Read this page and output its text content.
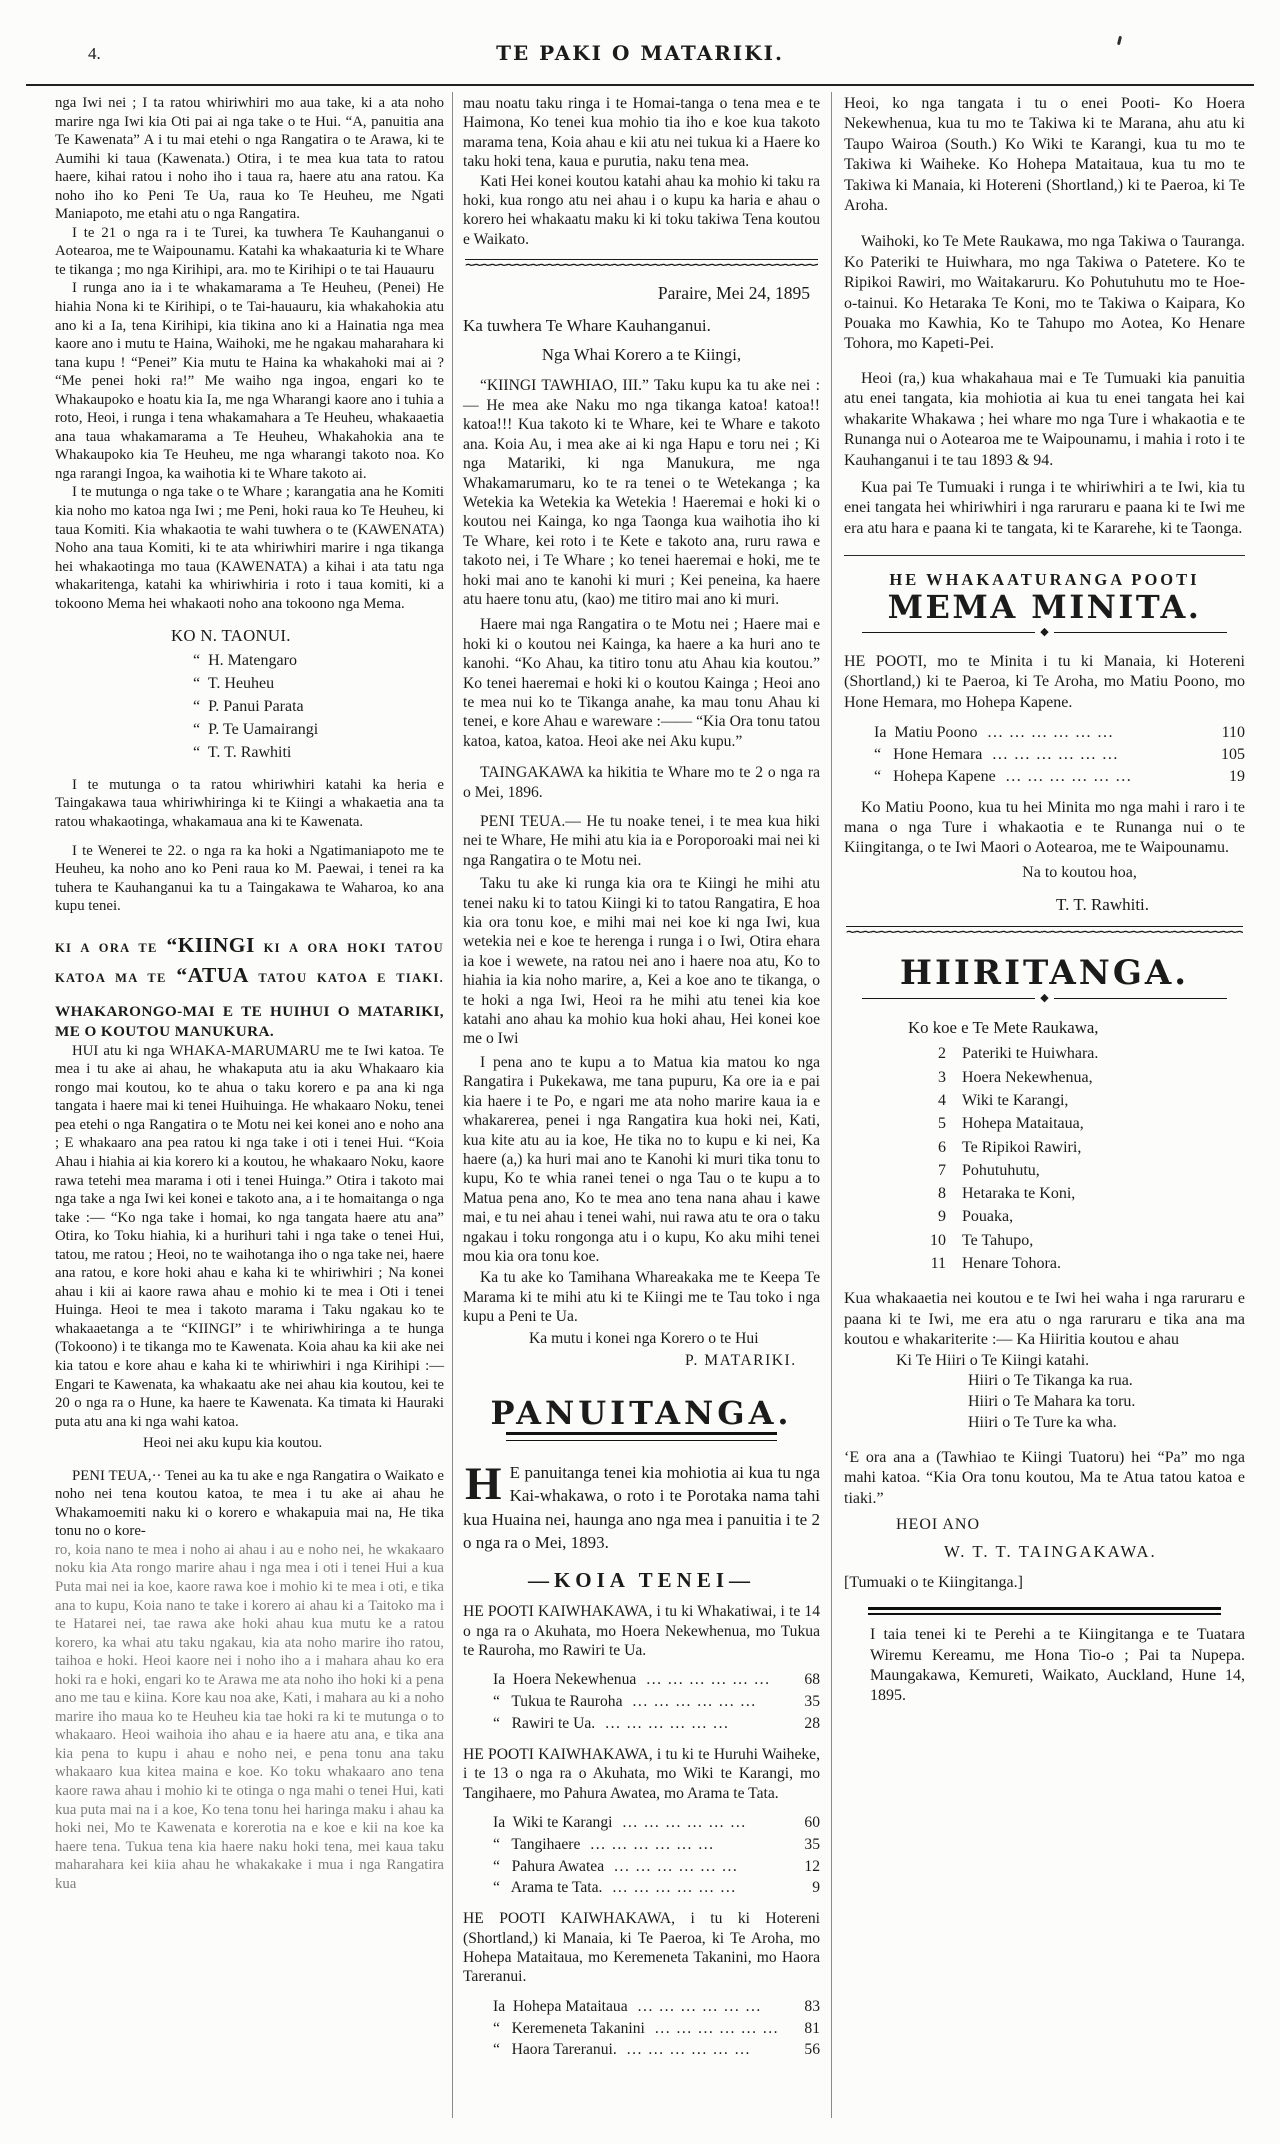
4.	TE PAKI O MATARIKI.

nga Iwi nei ; I ta ratou whiriwhiri mo aua take, ki a ata noho marire nga Iwi kia Oti pai ai nga take o te Hui. “A, panuitia ana Te Kawenata” A i tu mai etehi o nga Rangatira o te Arawa, ki te Aumihi ki taua (Kawenata.) Otira, i te mea kua tata to ratou haere, kihai ratou i noho iho i taua ra, haere atu ana ratou. Ka noho iho ko Peni Te Ua, raua ko Te Heuheu, me Ngati Maniapoto, me etahi atu o nga Rangatira.

I te 21 o nga ra i te Turei, ka tuwhera Te Kauhanganui o Aotearoa, me te Waipounamu. Katahi ka whakaaturia ki te Whare te tikanga ; mo nga Kirihipi, ara. mo te Kirihipi o te tai Hauauru

I runga ano ia i te whakamarama a Te Heuheu, (Penei) He hiahia Nona ki te Kirihipi, o te Tai-hauauru, kia whakahokia atu ano ki a Ia, tena Kirihipi, kia tikina ano ki a Hainatia nga mea kaore ano i mutu te Haina, Waihoki, me he ngakau maharahara ki tana kupu ! “Penei” Kia mutu te Haina ka whakahoki mai ai ? “Me penei hoki ra!” Me waiho nga ingoa, engari ko te Whakaupoko e hoatu kia Ia, me nga Wharangi kaore ano i tuhia a roto, Heoi, i runga i tena whakamahara a Te Heuheu, whakaaetia ana taua whakamarama a Te Heuheu, Whakahokia ana te Whakaupoko kia Te Heuheu, me nga wharangi takoto noa. Ko nga rarangi Ingoa, ka waihotia ki te Whare takoto ai.

I te mutunga o nga take o te Whare ; karangatia ana he Komiti kia noho mo katoa nga Iwi ; me Peni, hoki raua ko Te Heuheu, ki taua Komiti. Kia whakaotia te wahi tuwhera o te (KAWENATA) Noho ana taua Komiti, ki te ata whiriwhiri marire i nga tikanga hei whakaotinga mo taua (KAWENATA) a kihai i ata tatu nga whakaritenga, katahi ka whiriwhiria i roto i taua komiti, ki a tokoono Mema hei whakaoti noho ana tokoono nga Mema.

KO N. TAONUI.
“  H. Matengaro
“  T. Heuheu
“  P. Panui Parata
“  P. Te Uamairangi
“  T. T. Rawhiti

I te mutunga o ta ratou whiriwhiri katahi ka heria e Taingakawa taua whiriwhiringa ki te Kiingi a whakaetia ana ta ratou whakaotinga, whakamaua ana ki te Kawenata.

I te Wenerei te 22. o nga ra ka hoki a Ngatimaniapoto me te Heuheu, ka noho ano ko Peni raua ko M. Paewai, i tenei ra ka tuhera te Kauhanganui ka tu a Taingakawa te Waharoa, ko ana kupu tenei.

KI A ORA TE “KIINGI KI A ORA HOKI TATOU KATOA MA TE “ATUA TATOU KATOA E TIAKI.

WHAKARONGO-MAI E TE HUIHUI O MATARIKI, ME O KOUTOU MANUKURA.

HUI atu ki nga WHAKA-MARUMARU me te Iwi katoa. Te mea i tu ake ai ahau, he whakaputa atu ia aku Whakaaro kia rongo mai koutou, ko te ahua o taku korero e pa ana ki nga tangata i haere mai ki tenei Huihuinga. He whakaaro Noku, tenei pea etehi o nga Rangatira o te Motu nei kei konei ano e noho ana ; E whakaaro ana pea ratou ki nga take i oti i tenei Hui. “Koia Ahau i hiahia ai kia korero ki a koutou, he whakaaro Noku, kaore rawa tetehi mea marama i oti i tenei Huinga.” Otira i takoto mai nga take a nga Iwi kei konei e takoto ana, a i te homaitanga o nga take :— “Ko nga take i homai, ko nga tangata haere atu ana” Otira, ko Toku hiahia, ki a hurihuri tahi i nga take o tenei Hui, tatou, me ratou ; Heoi, no te waihotanga iho o nga take nei, haere ana ratou, e kore hoki ahau e kaha ki te whiriwhiri ; Na konei ahau i kii ai kaore rawa ahau e mohio ki te mea i Oti i tenei Huinga. Heoi te mea i takoto marama i Taku ngakau ko te whakaaetanga a te “KIINGI” i te whiriwhiringa a te hunga (Tokoono) i te tikanga mo te Kawenata. Koia ahau ka kii ake nei kia tatou e kore ahau e kaha ki te whiriwhiri i nga Kirihipi :— Engari te Kawenata, ka whakaatu ake nei ahau kia koutou, kei te 20 o nga ra o Hune, ka haere te Kawenata. Ka timata ki Hauraki puta atu ana ki nga wahi katoa.

Heoi nei aku kupu kia koutou.

PENI TEUA,·· Tenei au ka tu ake e nga Rangatira o Waikato e noho nei tena koutou katoa, te mea i tu ake ai ahau he Whakamoemiti naku ki o korero e whakapuia mai na, He tika tonu no o kore-

ro, koia nano te mea i noho ai ahau i au e noho nei, he wkakaaro noku kia Ata rongo marire ahau i nga mea i oti i tenei Hui a kua Puta mai nei ia koe, kaore rawa koe i mohio ki te mea i oti, e tika ana to kupu, Koia nano te take i korero ai ahau ki a Taitoko ma i te Hatarei nei, tae rawa ake hoki ahau kua mutu ke a ratou korero, ka whai atu taku ngakau, kia ata noho marire iho ratou, taihoa e hoki. Heoi kaore nei i noho iho a i mahara ahau ko era hoki ra e hoki, engari ko te Arawa me ata noho iho hoki ki a pena ano me tau e kiina. Kore kau noa ake, Kati, i mahara au ki a noho marire iho maua ko te Heuheu kia tae hoki ra ki te mutunga o to whakaaro. Heoi waihoia iho ahau e ia haere atu ana, e tika ana kia pena to kupu i ahau e noho nei, e pena tonu ana taku whakaaro kua kitea maina e koe. Ko toku whakaaro ano tena kaore rawa ahau i mohio ki te otinga o nga mahi o tenei Hui, kati kua puta mai na i a koe, Ko tena tonu hei haringa maku i ahau ka hoki nei, Mo te Kawenata e korerotia na e koe e kii na koe ka haere tena. Tukua tena kia haere naku hoki tena, mei kaua taku maharahara kei kiia ahau he whakakake i mua i nga Rangatira kua

mau noatu taku ringa i te Homai-tanga o tena mea e te Haimona, Ko tenei kua mohio tia iho e koe kua takoto marama tena, Koia ahau e kii atu nei tukua ki a Haere ko taku hoki tena, kaua e purutia, naku tena mea.

Kati Hei konei koutou katahi ahau ka mohio ki taku ra hoki, kua rongo atu nei ahau i o kupu ka haria e ahau o korero hei whakaatu maku ki ki toku takiwa Tena koutou e Waikato.

~~~~~
Paraire, Mei 24, 1895
Ka tuwhera Te Whare Kauhanganui.
Nga Whai Korero a te Kiingi,

“KIINGI TAWHIAO, III.” Taku kupu ka tu ake nei :— He mea ake Naku mo nga tikanga katoa! katoa!! katoa!!! Kua takoto ki te Whare, kei te Whare e takoto ana. Koia Au, i mea ake ai ki nga Hapu e toru nei ; Ki nga Matariki, ki nga Manukura, me nga Whakamarumaru, ko te ra tenei o te Wetekanga ; ka Wetekia ka Wetekia ka Wetekia ! Haeremai e hoki ki o koutou nei Kainga, ko nga Taonga kua waihotia iho ki Te Whare, kei roto i te Kete e takoto ana, ruru rawa e takoto nei, i Te Whare ; ko tenei haeremai e hoki, me te hoki mai ano te kanohi ki muri ; Kei peneina, ka haere atu haere tonu atu, (kao) me titiro mai ano ki muri.

Haere mai nga Rangatira o te Motu nei ; Haere mai e hoki ki o koutou nei Kainga, ka haere a ka huri ano te kanohi. “Ko Ahau, ka titiro tonu atu Ahau kia koutou.” Ko tenei haeremai e hoki ki o koutou Kainga ; Heoi ano te mea nui ko te Tikanga anahe, ka mau tonu Ahau ki tenei, e kore Ahau e wareware :—— “Kia Ora tonu tatou katoa, katoa, katoa. Heoi ake nei Aku kupu.”

TAINGAKAWA ka hikitia te Whare mo te 2 o nga ra o Mei, 1896.

PENI TEUA.— He tu noake tenei, i te mea kua hiki nei te Whare, He mihi atu kia ia e Poroporoaki mai nei ki nga Rangatira o te Motu nei.

Taku tu ake ki runga kia ora te Kiingi he mihi atu tenei naku ki to tatou Kiingi ki to tatou Rangatira, E hoa kia ora tonu koe, e mihi mai nei koe ki nga Iwi, kua wetekia nei e koe te herenga i runga i o Iwi, Otira ehara ia koe i wewete, na ratou nei ano i haere noa atu, Ko to hiahia ia kia noho marire, a, Kei a koe ano te tikanga, o te hoki a nga Iwi, Heoi ra he mihi atu tenei kia koe katahi ano ahau ka mohio kua hoki ahau, Hei konei koe me o Iwi

I pena ano te kupu a to Matua kia matou ko nga Rangatira i Pukekawa, me tana pupuru, Ka ore ia e pai kia haere i te Po, e ngari me ata noho marire kaua ia e whakarerea, penei i nga Rangatira kua hoki nei, Kati, kua kite atu au ia koe, He tika no to kupu e ki nei, Ka haere (a,) ka huri mai ano te Kanohi ki muri tika tonu to kupu, Ko te whia ranei tenei o nga Tau o te kupu a to Matua pena ano, Ko te mea ano tena nana ahau i kawe mai, e tu nei ahau i tenei wahi, nui rawa atu te ora o taku ngakau i toku rongonga atu i o kupu, Ko aku mihi tenei mou kia ora tonu koe.

Ka tu ake ko Tamihana Whareakaka me te Keepa Te Marama ki te mihi atu ki te Kiingi me te Tau toko i nga kupu a Peni te Ua.

Ka mutu i konei nga Korero o te Hui
P. MATARIKI.
PANUITANGA.

H E panuitanga tenei kia mohiotia ai kua tu nga Kai-whakawa, o roto i te Porotaka nama tahi kua Huaina nei, haunga ano nga mea i panuitia i te 2 o nga ra o Mei, 1893.

—KOIA TENEI—

HE POOTI KAIWHAKAWA, i tu ki Whakatiwai, i te 14 o nga ra o Akuhata, mo Hoera Nekewhenua, mo Tukua te Rauroha, mo Rawiri te Ua.

Ia  Hoera Nekewhenua ... ... ... ... ... ...	68
“   Tukua te Rauroha ... ... ... ... ... ...	35
“   Rawiri te Ua. ... ... ... ... ... ...	28

HE POOTI KAIWHAKAWA, i tu ki te Huruhi Waiheke, i te 13 o nga ra o Akuhata, mo Wiki te Karangi, mo Tangihaere, mo Pahura Awatea, mo Arama te Tata.

Ia  Wiki te Karangi ... ... ... ... ... ...	60
“   Tangihaere ... ... ... ... ... ...	35
“   Pahura Awatea ... ... ... ... ... ...	12
“   Arama te Tata. ... ... ... ... ... ...	9

HE POOTI KAIWHAKAWA, i tu ki Hotereni (Shortland,) ki Manaia, ki Te Paeroa, ki Te Aroha, mo Hohepa Mataitaua, mo Keremeneta Takanini, mo Haora Tareranui.

Ia  Hohepa Mataitaua ... ... ... ... ... ...	83
“   Keremeneta Takanini ... ... ... ... ... ...	81
“   Haora Tareranui. ... ... ... ... ... ...	56

Heoi, ko nga tangata i tu o enei Pooti- Ko Hoera Nekewhenua, kua tu mo te Takiwa ki te Marana, ahu atu ki Taupo Wairoa (South.) Ko Wiki te Karangi, kua tu mo te Takiwa ki Waiheke. Ko Hohepa Mataitaua, kua tu mo te Takiwa ki Manaia, ki Hotereni (Shortland,) ki te Paeroa, ki Te Aroha.

Waihoki, ko Te Mete Raukawa, mo nga Takiwa o Tauranga. Ko Pateriki te Huiwhara, mo nga Takiwa o Patetere. Ko te Ripikoi Rawiri, mo Waitakaruru. Ko Pohutuhutu mo te Hoe-o-tainui. Ko Hetaraka Te Koni, mo te Takiwa o Kaipara, Ko Pouaka mo Kawhia, Ko te Tahupo mo Aotea, Ko Henare Tohora, mo Kapeti-Pei.

Heoi (ra,) kua whakahaua mai e Te Tumuaki kia panuitia atu enei tangata, kia mohiotia ai kua tu enei tangata hei kai whakarite Whakawa ; hei whare mo nga Ture i whakaotia e te Runanga nui o Aotearoa me te Waipounamu, i mahia i roto i te Kauhanganui i te tau 1893 & 94.

Kua pai Te Tumuaki i runga i te whiriwhiri a te Iwi, kia tu enei tangata hei whiriwhiri i nga raruraru e paana ki te Iwi me era atu hara e paana ki te tangata, ki te Kararehe, ki te Taonga.

HE WHAKAATURANGA POOTI
MEMA MINITA.
◆

HE POOTI, mo te Minita i tu ki Manaia, ki Hotereni (Shortland,) ki te Paeroa, ki Te Aroha, mo Matiu Poono, mo Hone Hemara, mo Hohepa Kapene.

Ia  Matiu Poono ... ... ... ... ... ...	110
“   Hone Hemara ... ... ... ... ... ...	105
“   Hohepa Kapene ... ... ... ... ... ...	19

Ko Matiu Poono, kua tu hei Minita mo nga mahi i raro i te mana o nga Ture i whakaotia e te Runanga nui o te Kiingitanga, o te Iwi Maori o Aotearoa, me te Waipounamu.

Na to koutou hoa,
T. T. Rawhiti.
~~~~~
HIIRITANGA.
◆
Ko koe e Te Mete Raukawa,
2 Pateriki te Huiwhara.
3 Hoera Nekewhenua,
4 Wiki te Karangi,
5 Hohepa Mataitaua,
6 Te Ripikoi Rawiri,
7 Pohutuhutu,
8 Hetaraka te Koni,
9 Pouaka,
10 Te Tahupo,
11 Henare Tohora.

Kua whakaaetia nei koutou e te Iwi hei waha i nga raruraru e paana ki te Iwi, me era atu o nga raruraru e tika ana ma koutou e whakariterite :— Ka Hiiritia koutou e ahau

Ki Te Hiiri o Te Kiingi katahi.
Hiiri o Te Tikanga ka rua.
Hiiri o Te Mahara ka toru.
Hiiri o Te Ture ka wha.

‘E ora ana a (Tawhiao te Kiingi Tuatoru) hei “Pa” mo nga mahi katoa. “Kia Ora tonu koutou, Ma te Atua tatou katoa e tiaki.”

HEOI ANO
W. T. T. TAINGAKAWA.

[Tumuaki o te Kiingitanga.]

I taia tenei ki te Perehi a te Kiingitanga e te Tuatara Wiremu Kereamu, me Hona Tio-o ; Pai ta Nupepa. Maungakawa, Kemureti, Waikato, Auckland, Hune 14, 1895.
